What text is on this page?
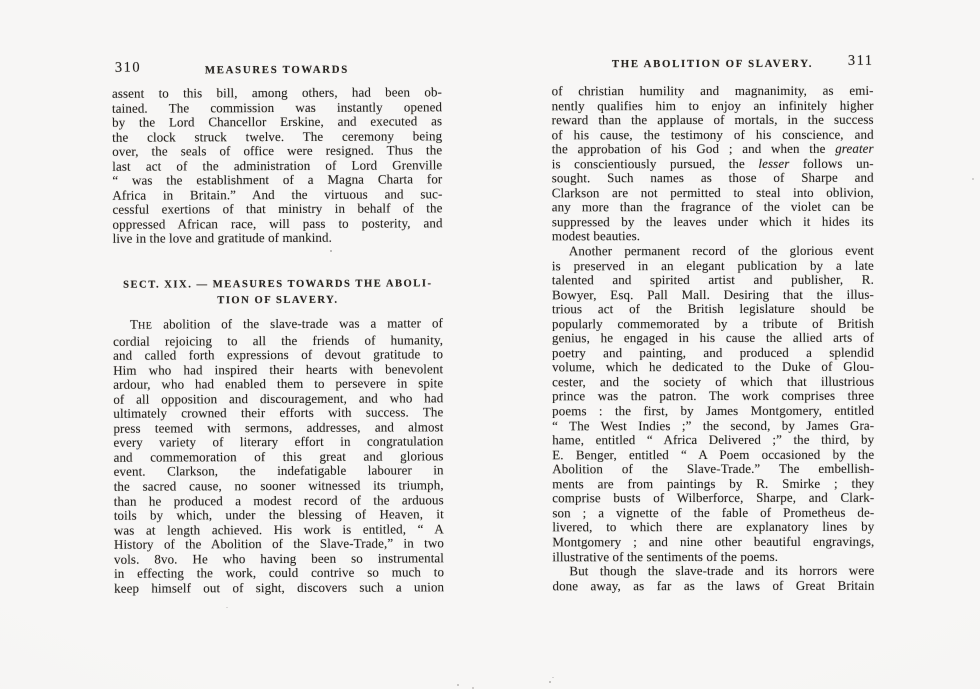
310	MEASURES TOWARDS
assent to this bill, among others, had been ob-
tained. The commission was instantly opened
by the Lord Chancellor Erskine, and executed as
the clock struck twelve. The ceremony being
over, the seals of office were resigned. Thus the
last act of the administration of Lord Grenville
“ was the establishment of a Magna Charta for
Africa in Britain.” And the virtuous and suc-
cessful exertions of that ministry in behalf of the
oppressed African race, will pass to posterity, and
live in the love and gratitude of mankind.
SECT. XIX. — MEASURES TOWARDS THE ABOLI-
TION OF SLAVERY.
THE abolition of the slave-trade was a matter of
cordial rejoicing to all the friends of humanity,
and called forth expressions of devout gratitude to
Him who had inspired their hearts with benevolent
ardour, who had enabled them to persevere in spite
of all opposition and discouragement, and who had
ultimately crowned their efforts with success. The
press teemed with sermons, addresses, and almost
every variety of literary effort in congratulation
and commemoration of this great and glorious
event. Clarkson, the indefatigable labourer in
the sacred cause, no sooner witnessed its triumph,
than he produced a modest record of the arduous
toils by which, under the blessing of Heaven, it
was at length achieved. His work is entitled, “ A
History of the Abolition of the Slave-Trade,” in two
vols. 8vo. He who having been so instrumental
in effecting the work, could contrive so much to
keep himself out of sight, discovers such a union
THE ABOLITION OF SLAVERY.	311
of christian humility and magnanimity, as emi-
nently qualifies him to enjoy an infinitely higher
reward than the applause of mortals, in the success
of his cause, the testimony of his conscience, and
the approbation of his God ; and when the greater
is conscientiously pursued, the lesser follows un-
sought. Such names as those of Sharpe and
Clarkson are not permitted to steal into oblivion,
any more than the fragrance of the violet can be
suppressed by the leaves under which it hides its
modest beauties.
Another permanent record of the glorious event
is preserved in an elegant publication by a late
talented and spirited artist and publisher, R.
Bowyer, Esq. Pall Mall. Desiring that the illus-
trious act of the British legislature should be
popularly commemorated by a tribute of British
genius, he engaged in his cause the allied arts of
poetry and painting, and produced a splendid
volume, which he dedicated to the Duke of Glou-
cester, and the society of which that illustrious
prince was the patron. The work comprises three
poems : the first, by James Montgomery, entitled
“ The West Indies ;” the second, by James Gra-
hame, entitled “ Africa Delivered ;” the third, by
E. Benger, entitled “ A Poem occasioned by the
Abolition of the Slave-Trade.” The embellish-
ments are from paintings by R. Smirke ; they
comprise busts of Wilberforce, Sharpe, and Clark-
son ; a vignette of the fable of Prometheus de-
livered, to which there are explanatory lines by
Montgomery ; and nine other beautiful engravings,
illustrative of the sentiments of the poems.
But though the slave-trade and its horrors were
done away, as far as the laws of Great Britain
